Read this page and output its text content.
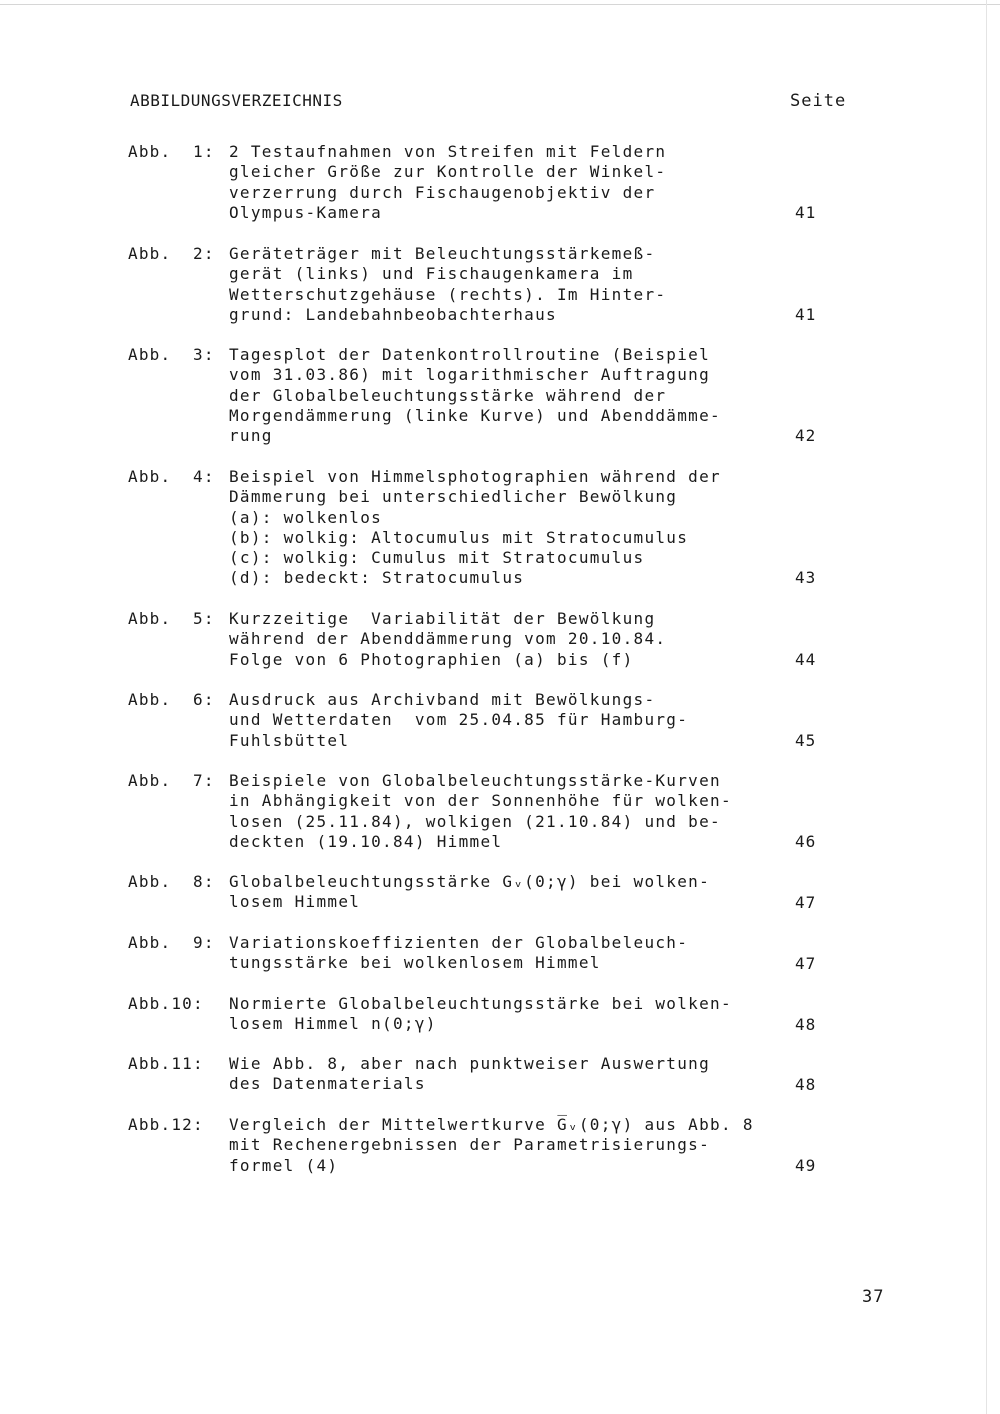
ABBILDUNGSVERZEICHNIS	Seite
Abb.  1: 2 Testaufnahmen von Streifen mit Feldern
gleicher Größe zur Kontrolle der Winkel-
verzerrung durch Fischaugenobjektiv der
Olympus-Kamera	41
Abb.  2: Geräteträger mit Beleuchtungsstärkemeß-
gerät (links) und Fischaugenkamera im
Wetterschutzgehäuse (rechts). Im Hinter-
grund: Landebahnbeobachterhaus	41
Abb.  3: Tagesplot der Datenkontrollroutine (Beispiel
vom 31.03.86) mit logarithmischer Auftragung
der Globalbeleuchtungsstärke während der
Morgendämmerung (linke Kurve) und Abenddämme-
rung	42
Abb.  4: Beispiel von Himmelsphotographien während der
Dämmerung bei unterschiedlicher Bewölkung
(a): wolkenlos
(b): wolkig: Altocumulus mit Stratocumulus
(c): wolkig: Cumulus mit Stratocumulus
(d): bedeckt: Stratocumulus	43
Abb.  5: Kurzzeitige  Variabilität der Bewölkung
während der Abenddämmerung vom 20.10.84.
Folge von 6 Photographien (a) bis (f)	44
Abb.  6: Ausdruck aus Archivband mit Bewölkungs-
und Wetterdaten  vom 25.04.85 für Hamburg-
Fuhlsbüttel	45
Abb.  7: Beispiele von Globalbeleuchtungsstärke-Kurven
in Abhängigkeit von der Sonnenhöhe für wolken-
losen (25.11.84), wolkigen (21.10.84) und be-
deckten (19.10.84) Himmel	46
Abb.  8: Globalbeleuchtungsstärke Gᵥ(0;γ) bei wolken-
losem Himmel	47
Abb.  9: Variationskoeffizienten der Globalbeleuch-
tungsstärke bei wolkenlosem Himmel	47
Abb.10: Normierte Globalbeleuchtungsstärke bei wolken-
losem Himmel n(0;γ)	48
Abb.11: Wie Abb. 8, aber nach punktweiser Auswertung
des Datenmaterials	48
Abb.12: Vergleich der Mittelwertkurve G̅ᵥ(0;γ) aus Abb. 8
mit Rechenergebnissen der Parametrisierungs-
formel (4)	49
37
